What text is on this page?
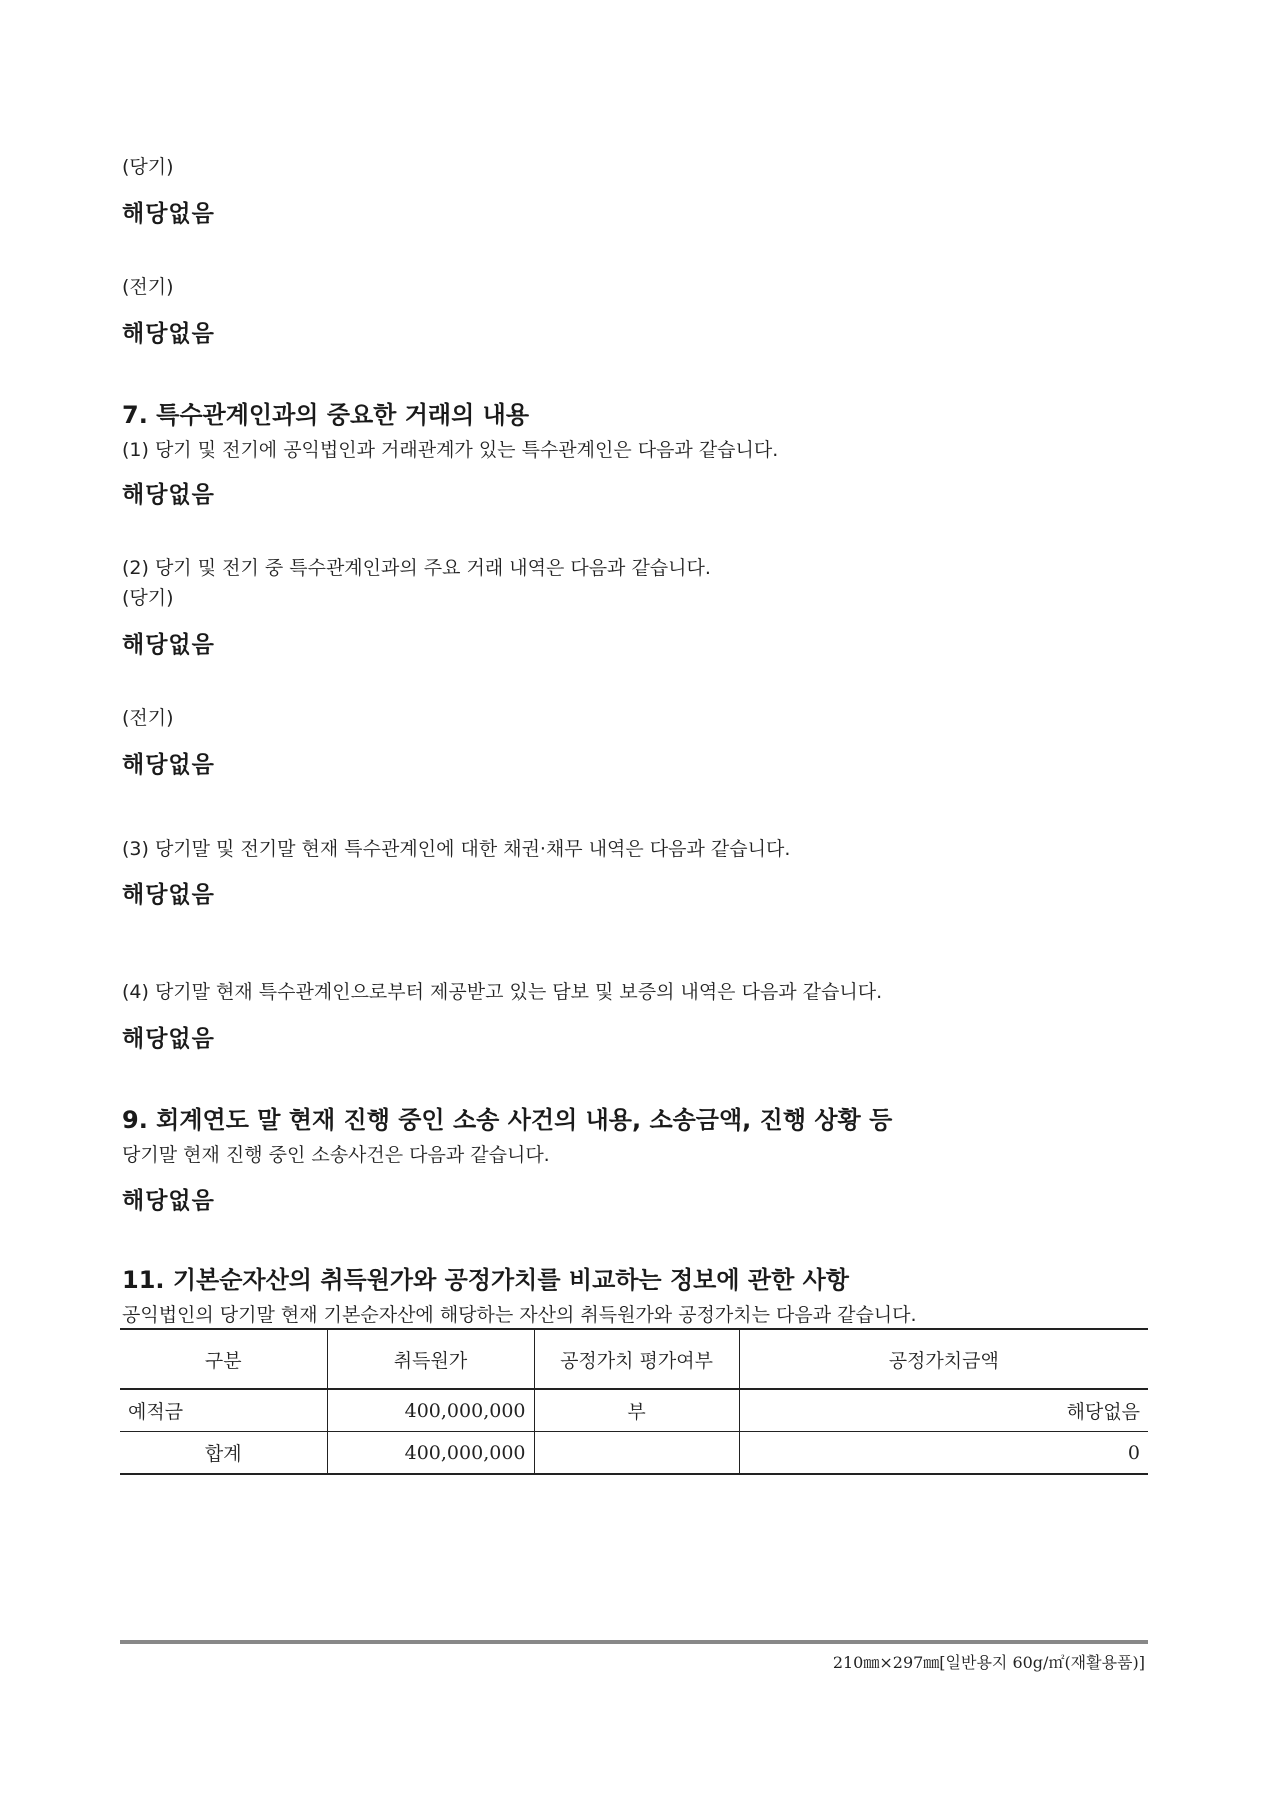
(당기)
해당없음
(전기)
해당없음
7. 특수관계인과의 중요한 거래의 내용
(1) 당기 및 전기에 공익법인과 거래관계가 있는 특수관계인은 다음과 같습니다.
해당없음
(2) 당기 및 전기 중 특수관계인과의 주요 거래 내역은 다음과 같습니다.
(당기)
해당없음
(전기)
해당없음
(3) 당기말 및 전기말 현재 특수관계인에 대한 채권·채무 내역은 다음과 같습니다.
해당없음
(4) 당기말 현재 특수관계인으로부터 제공받고 있는 담보 및 보증의 내역은 다음과 같습니다.
해당없음
9. 회계연도 말 현재 진행 중인 소송 사건의 내용, 소송금액, 진행 상황 등
당기말 현재 진행 중인 소송사건은 다음과 같습니다.
해당없음
11. 기본순자산의 취득원가와 공정가치를 비교하는 정보에 관한 사항
공익법인의 당기말 현재 기본순자산에 해당하는 자산의 취득원가와 공정가치는 다음과 같습니다.
구분	취득원가	공정가치 평가여부	공정가치금액
예적금	400,000,000	부	해당없음
합계	400,000,000		0
210㎜×297㎜[일반용지 60g/㎡(재활용품)]
